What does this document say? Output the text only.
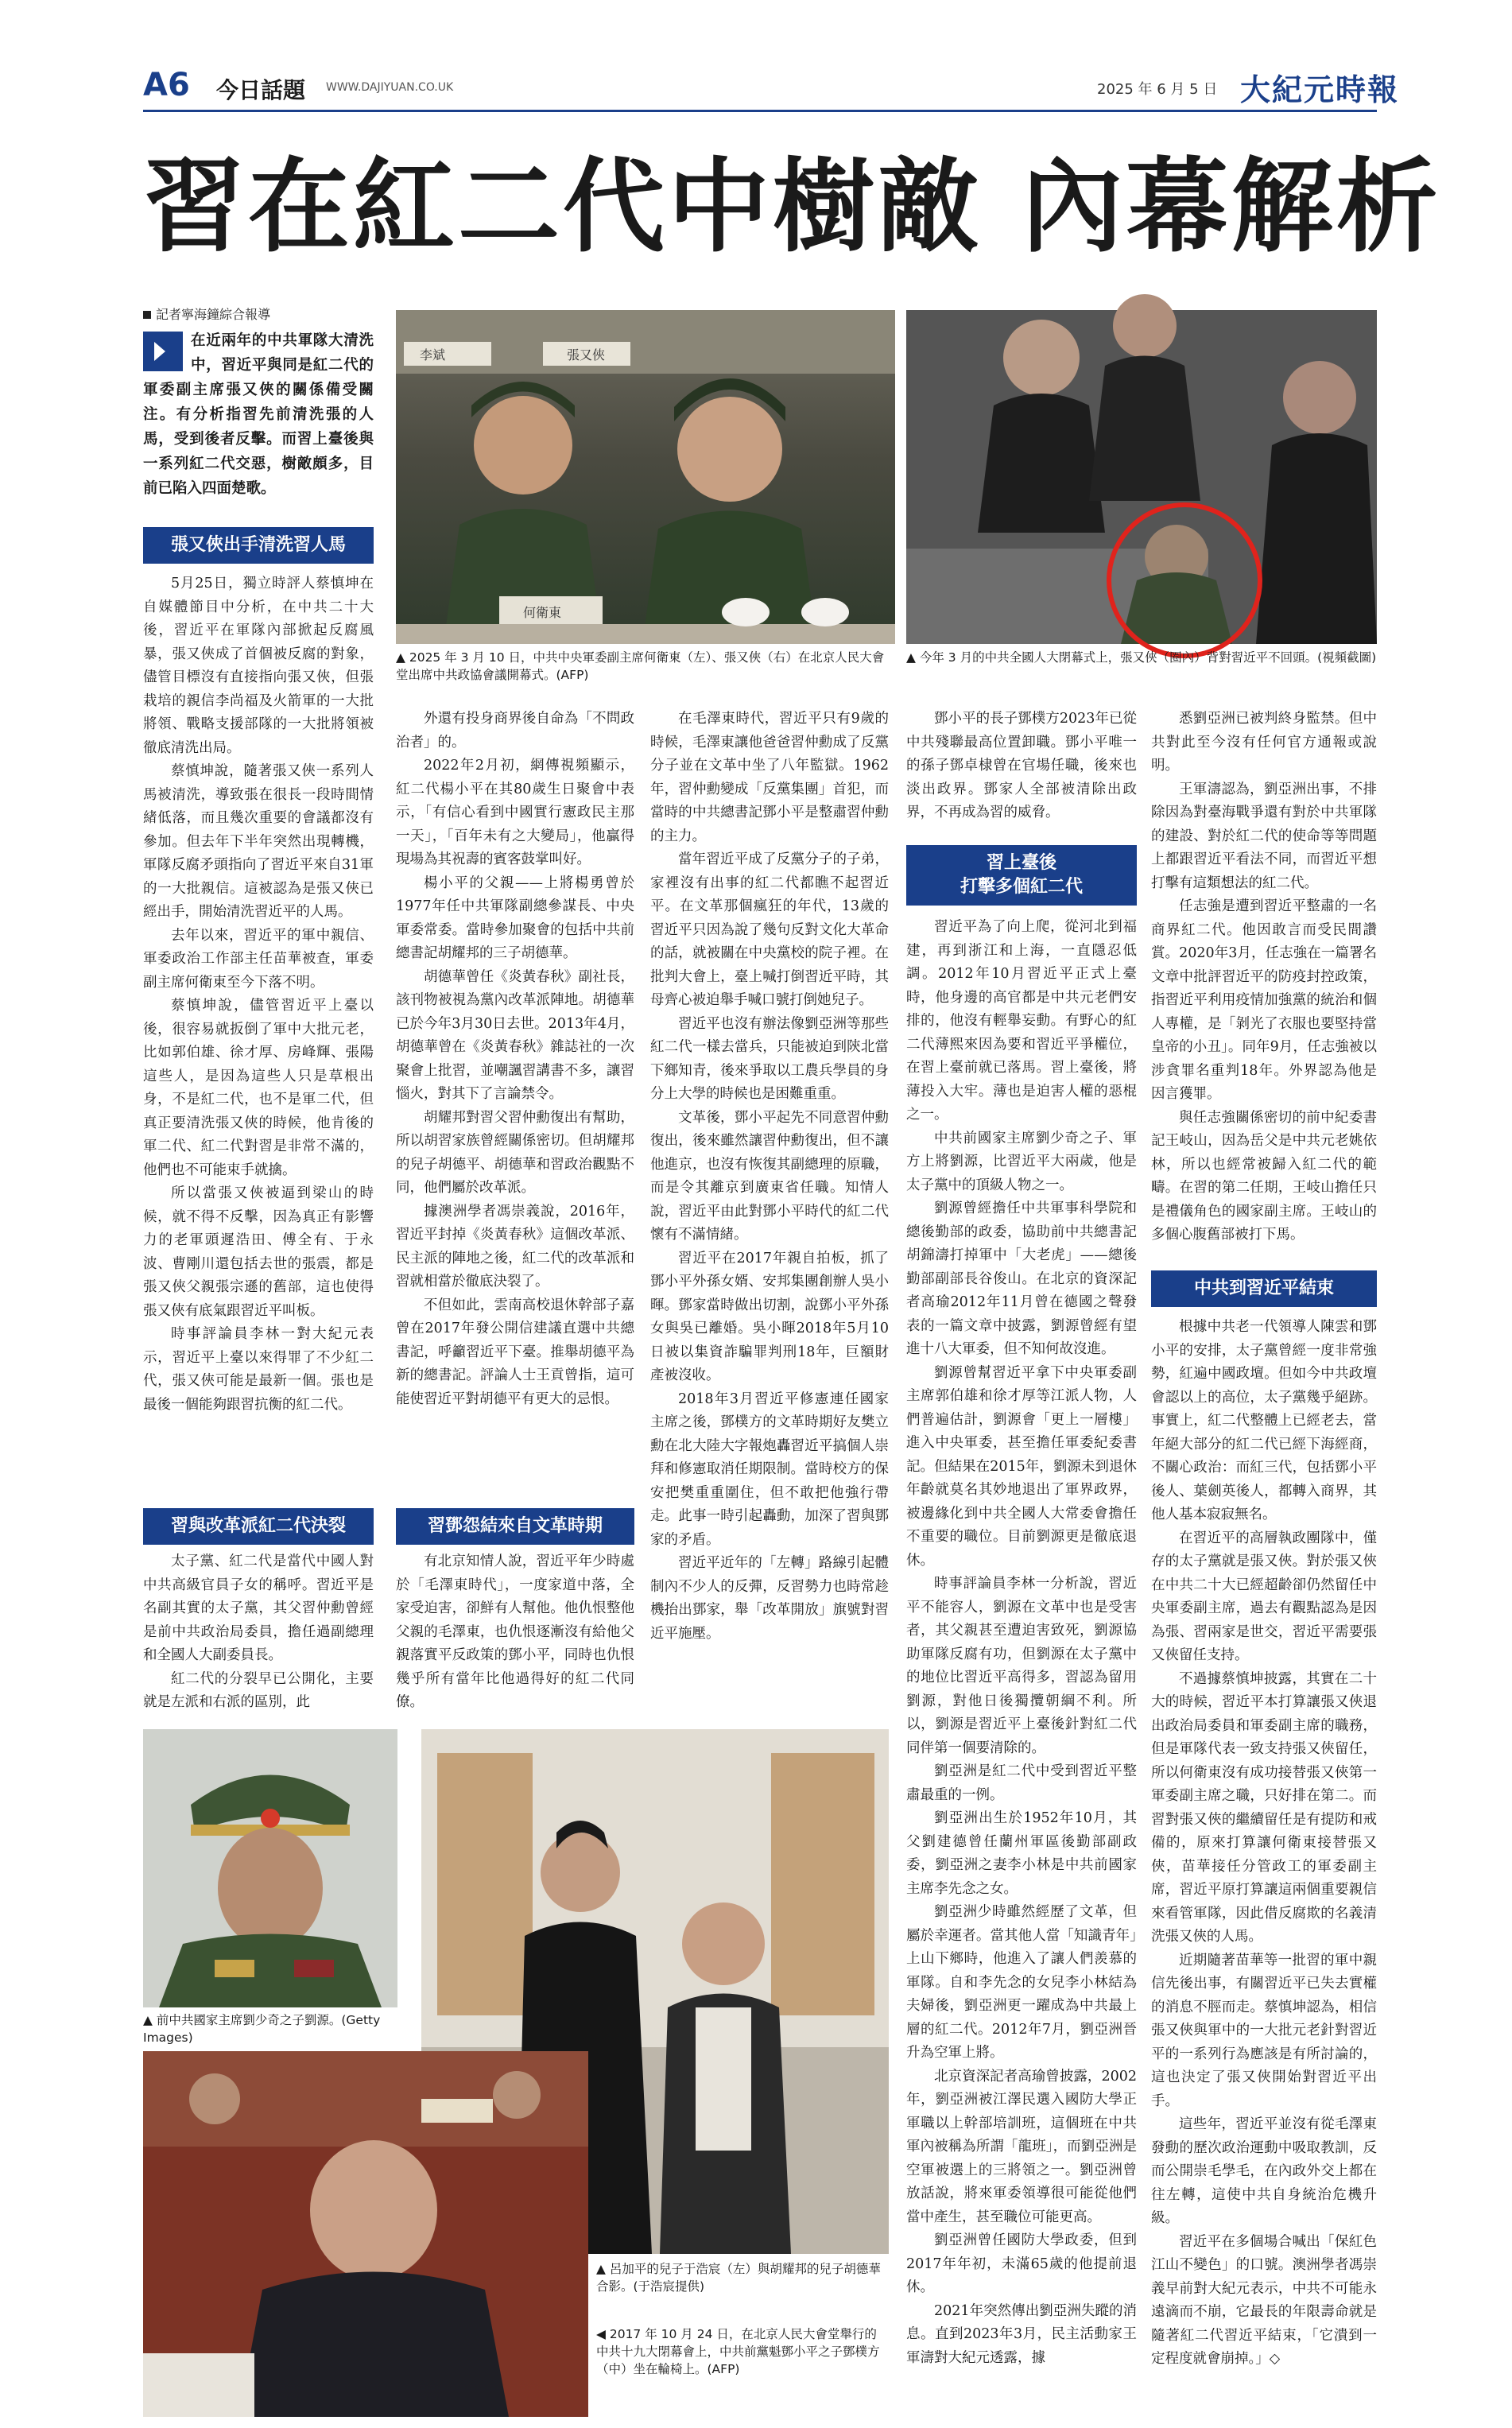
A6 今日話題 WWW.DAJIYUAN.CO.UK	2025 年 6 月 5 日 大紀元時報
習在紅二代中樹敵 內幕解析
記者寧海鐘綜合報導
在近兩年的中共軍隊大清洗中，習近平與同是紅二代的軍委副主席張又俠的關係備受關注。有分析指習先前清洗張的人馬，受到後者反擊。而習上臺後與一系列紅二代交惡，樹敵頗多，目前已陷入四面楚歌。
張又俠出手清洗習人馬

5月25日，獨立時評人蔡慎坤在自媒體節目中分析，在中共二十大後，習近平在軍隊內部掀起反腐風暴，張又俠成了首個被反腐的對象，儘管目標沒有直接指向張又俠，但張栽培的親信李尚福及火箭軍的一大批將領、戰略支援部隊的一大批將領被徹底清洗出局。

蔡慎坤說，隨著張又俠一系列人馬被清洗，導致張在很長一段時間情緒低落，而且幾次重要的會議都沒有參加。但去年下半年突然出現轉機，軍隊反腐矛頭指向了習近平來自31軍的一大批親信。這被認為是張又俠已經出手，開始清洗習近平的人馬。

去年以來，習近平的軍中親信、軍委政治工作部主任苗華被查，軍委副主席何衛東至今下落不明。

蔡慎坤說，儘管習近平上臺以後，很容易就扳倒了軍中大批元老，比如郭伯雄、徐才厚、房峰輝、張陽這些人，是因為這些人只是草根出身，不是紅二代，也不是軍二代，但真正要清洗張又俠的時候，他肯後的軍二代、紅二代對習是非常不滿的，他們也不可能束手就擒。

所以當張又俠被逼到梁山的時候，就不得不反擊，因為真正有影響力的老軍頭遲浩田、傅全有、于永波、曹剛川還包括去世的張震，都是張又俠父親張宗遜的舊部，這也使得張又俠有底氣跟習近平叫板。

時事評論員李林一對大紀元表示，習近平上臺以來得罪了不少紅二代，張又俠可能是最新一個。張也是最後一個能夠跟習抗衡的紅二代。

習與改革派紅二代決裂

太子黨、紅二代是當代中國人對中共高級官員子女的稱呼。習近平是名副其實的太子黨，其父習仲勳曾經是前中共政治局委員，擔任過副總理和全國人大副委員長。

紅二代的分裂早已公開化，主要就是左派和右派的區別，此

李斌	張又俠
何衛東
▲ 2025 年 3 月 10 日，中共中央軍委副主席何衛東（左）、張又俠（右）在北京人民大會堂出席中共政協會議開幕式。(AFP)
▲ 今年 3 月的中共全國人大閉幕式上，張又俠（圈內）背對習近平不回頭。(視頻截圖)

外還有投身商界後自命為「不問政治者」的。

2022年2月初，網傳視頻顯示，紅二代楊小平在其80歲生日聚會中表示，「有信心看到中國實行憲政民主那一天」，「百年未有之大變局」，他贏得現場為其祝壽的賓客鼓掌叫好。

楊小平的父親——上將楊勇曾於1977年任中共軍隊副總參謀長、中央軍委常委。當時參加聚會的包括中共前總書記胡耀邦的三子胡德華。

胡德華曾任《炎黃春秋》副社長，該刊物被視為黨內改革派陣地。胡德華已於今年3月30日去世。2013年4月，胡德華曾在《炎黃春秋》雜誌社的一次聚會上批習，並嘲諷習講書不多，讓習惱火，對其下了言論禁令。

胡耀邦對習父習仲勳復出有幫助，所以胡習家族曾經關係密切。但胡耀邦的兒子胡德平、胡德華和習政治觀點不同，他們屬於改革派。

據澳洲學者馮崇義說，2016年，習近平封掉《炎黃春秋》這個改革派、民主派的陣地之後，紅二代的改革派和習就相當於徹底決裂了。

不但如此，雲南高校退休幹部子嘉曾在2017年發公開信建議直選中共總書記，呼籲習近平下臺。推舉胡德平為新的總書記。評論人士王貢曾指，這可能使習近平對胡德平有更大的忌恨。

習鄧怨結來自文革時期

有北京知情人說，習近平年少時處於「毛澤東時代」，一度家道中落，全家受迫害，卻鮮有人幫他。他仇恨整他父親的毛澤東，也仇恨逐漸沒有給他父親落實平反政策的鄧小平，同時也仇恨幾乎所有當年比他過得好的紅二代同僚。

在毛澤東時代，習近平只有9歲的時候，毛澤東讓他爸爸習仲勳成了反黨分子並在文革中坐了八年監獄。1962年，習仲勳變成「反黨集團」首犯，而當時的中共總書記鄧小平是整肅習仲勳的主力。

當年習近平成了反黨分子的子弟，家裡沒有出事的紅二代都瞧不起習近平。在文革那個瘋狂的年代，13歲的習近平只因為說了幾句反對文化大革命的話，就被關在中央黨校的院子裡。在批判大會上，臺上喊打倒習近平時，其母齊心被迫舉手喊口號打倒她兒子。

習近平也沒有辦法像劉亞洲等那些紅二代一樣去當兵，只能被迫到陝北當下鄉知青，後來爭取以工農兵學員的身分上大學的時候也是困難重重。

文革後，鄧小平起先不同意習仲勳復出，後來雖然讓習仲勳復出，但不讓他進京，也沒有恢復其副總理的原職，而是令其離京到廣東省任職。知情人說，習近平由此對鄧小平時代的紅二代懷有不滿情緒。

習近平在2017年親自拍板，抓了鄧小平外孫女婿、安邦集團創辦人吳小暉。鄧家當時做出切割，說鄧小平外孫女與吳已離婚。吳小暉2018年5月10日被以集資詐騙罪判刑18年，巨額財產被沒收。

2018年3月習近平修憲連任國家主席之後，鄧樸方的文革時期好友樊立勳在北大陸大字報炮轟習近平搞個人崇拜和修憲取消任期限制。當時校方的保安把樊重重圍住，但不敢把他強行帶走。此事一時引起轟動，加深了習與鄧家的矛盾。

習近平近年的「左轉」路線引起體制內不少人的反彈，反習勢力也時常趁機抬出鄧家，舉「改革開放」旗號對習近平施壓。

鄧小平的長子鄧樸方2023年已從中共殘聯最高位置卸職。鄧小平唯一的孫子鄧卓棣曾在官場任職，後來也淡出政界。鄧家人全部被清除出政界，不再成為習的威脅。

習上臺後
打擊多個紅二代

習近平為了向上爬，從河北到福建，再到浙江和上海，一直隱忍低調。2012年10月習近平正式上臺時，他身邊的高官都是中共元老們安排的，他沒有輕舉妄動。有野心的紅二代薄熙來因為要和習近平爭權位，在習上臺前就已落馬。習上臺後，將薄投入大牢。薄也是迫害人權的惡棍之一。

中共前國家主席劉少奇之子、軍方上將劉源，比習近平大兩歲，他是太子黨中的頂級人物之一。

劉源曾經擔任中共軍事科學院和總後勤部的政委，協助前中共總書記胡錦濤打掉軍中「大老虎」——總後勤部副部長谷俊山。在北京的資深記者高瑜2012年11月曾在德國之聲發表的一篇文章中披露，劉源曾經有望進十八大軍委，但不知何故沒進。

劉源曾幫習近平拿下中央軍委副主席郭伯雄和徐才厚等江派人物，人們普遍估計，劉源會「更上一層樓」進入中央軍委，甚至擔任軍委紀委書記。但結果在2015年，劉源未到退休年齡就莫名其妙地退出了軍界政界，被邊緣化到中共全國人大常委會擔任不重要的職位。目前劉源更是徹底退休。

時事評論員李林一分析說，習近平不能容人，劉源在文革中也是受害者，其父親甚至遭迫害致死，劉源協助軍隊反腐有功，但劉源在太子黨中的地位比習近平高得多，習認為留用劉源，對他日後獨攬朝綱不利。所以，劉源是習近平上臺後針對紅二代同伴第一個要清除的。

劉亞洲是紅二代中受到習近平整肅最重的一例。

劉亞洲出生於1952年10月，其父劉建德曾任蘭州軍區後勤部副政委，劉亞洲之妻李小林是中共前國家主席李先念之女。

劉亞洲少時雖然經歷了文革，但屬於幸運者。當其他人當「知識青年」上山下鄉時，他進入了讓人們羨慕的軍隊。自和李先念的女兒李小林結為夫婦後，劉亞洲更一躍成為中共最上層的紅二代。2012年7月，劉亞洲晉升為空軍上將。

北京資深記者高瑜曾披露，2002年，劉亞洲被江澤民選入國防大學正軍職以上幹部培訓班，這個班在中共軍內被稱為所謂「龍班」，而劉亞洲是空軍被選上的三將領之一。劉亞洲曾放話說，將來軍委領導很可能從他們當中產生，甚至職位可能更高。

劉亞洲曾任國防大學政委，但到2017年年初，未滿65歲的他提前退休。

2021年突然傳出劉亞洲失蹤的消息。直到2023年3月，民主活動家王軍濤對大紀元透露，據

悉劉亞洲已被判終身監禁。但中共對此至今沒有任何官方通報或說明。

王軍濤認為，劉亞洲出事，不排除因為對臺海戰爭還有對於中共軍隊的建設、對於紅二代的使命等等問題上都跟習近平看法不同，而習近平想打擊有這類想法的紅二代。

任志強是遭到習近平整肅的一名商界紅二代。他因敢言而受民間讚賞。2020年3月，任志強在一篇署名文章中批評習近平的防疫封控政策，指習近平利用疫情加強黨的統治和個人專權，是「剝光了衣服也要堅持當皇帝的小丑」。同年9月，任志強被以涉貪罪名重判18年。外界認為他是因言獲罪。

與任志強關係密切的前中紀委書記王岐山，因為岳父是中共元老姚依林，所以也經常被歸入紅二代的範疇。在習的第二任期，王岐山擔任只是禮儀角色的國家副主席。王岐山的多個心腹舊部被打下馬。

中共到習近平結束

根據中共老一代領導人陳雲和鄧小平的安排，太子黨曾經一度非常強勢，紅遍中國政壇。但如今中共政壇會認以上的高位，太子黨幾乎絕跡。事實上，紅二代整體上已經老去，當年絕大部分的紅二代已經下海經商，不關心政治：而紅三代，包括鄧小平後人、葉劍英後人，都轉入商界，其他人基本寂寂無名。

在習近平的高層執政團隊中，僅存的太子黨就是張又俠。對於張又俠在中共二十大已經超齡卻仍然留任中央軍委副主席，過去有觀點認為是因為張、習兩家是世交，習近平需要張又俠留任支持。

不過據蔡慎坤披露，其實在二十大的時候，習近平本打算讓張又俠退出政治局委員和軍委副主席的職務，但是軍隊代表一致支持張又俠留任，所以何衛東沒有成功接替張又俠第一軍委副主席之職，只好排在第二。而習對張又俠的繼續留任是有提防和戒備的，原來打算讓何衛東接替張又俠，苗華接任分管政工的軍委副主席，習近平原打算讓這兩個重要親信來看管軍隊，因此借反腐欺的名義清洗張又俠的人馬。

近期隨著苗華等一批習的軍中親信先後出事，有關習近平已失去實權的消息不脛而走。蔡慎坤認為，相信張又俠與軍中的一大批元老針對習近平的一系列行為應該是有所討論的，這也決定了張又俠開始對習近平出手。

這些年，習近平並沒有從毛澤東發動的歷次政治運動中吸取教訓，反而公開崇毛學毛，在內政外交上都在往左轉，這使中共自身統治危機升級。

習近平在多個場合喊出「保紅色江山不變色」的口號。澳洲學者馮崇義早前對大紀元表示，中共不可能永遠滴而不崩，它最長的年限壽命就是隨著紅二代習近平結束，「它潰到一定程度就會崩掉。」◇

▲ 前中共國家主席劉少奇之子劉源。(Getty Images)
▲ 呂加平的兒子于浩宸（左）與胡耀邦的兒子胡德華合影。(于浩宸提供)
◀ 2017 年 10 月 24 日，在北京人民大會堂舉行的中共十九大閉幕會上，中共前黨魁鄧小平之子鄧樸方（中）坐在輪椅上。(AFP)
